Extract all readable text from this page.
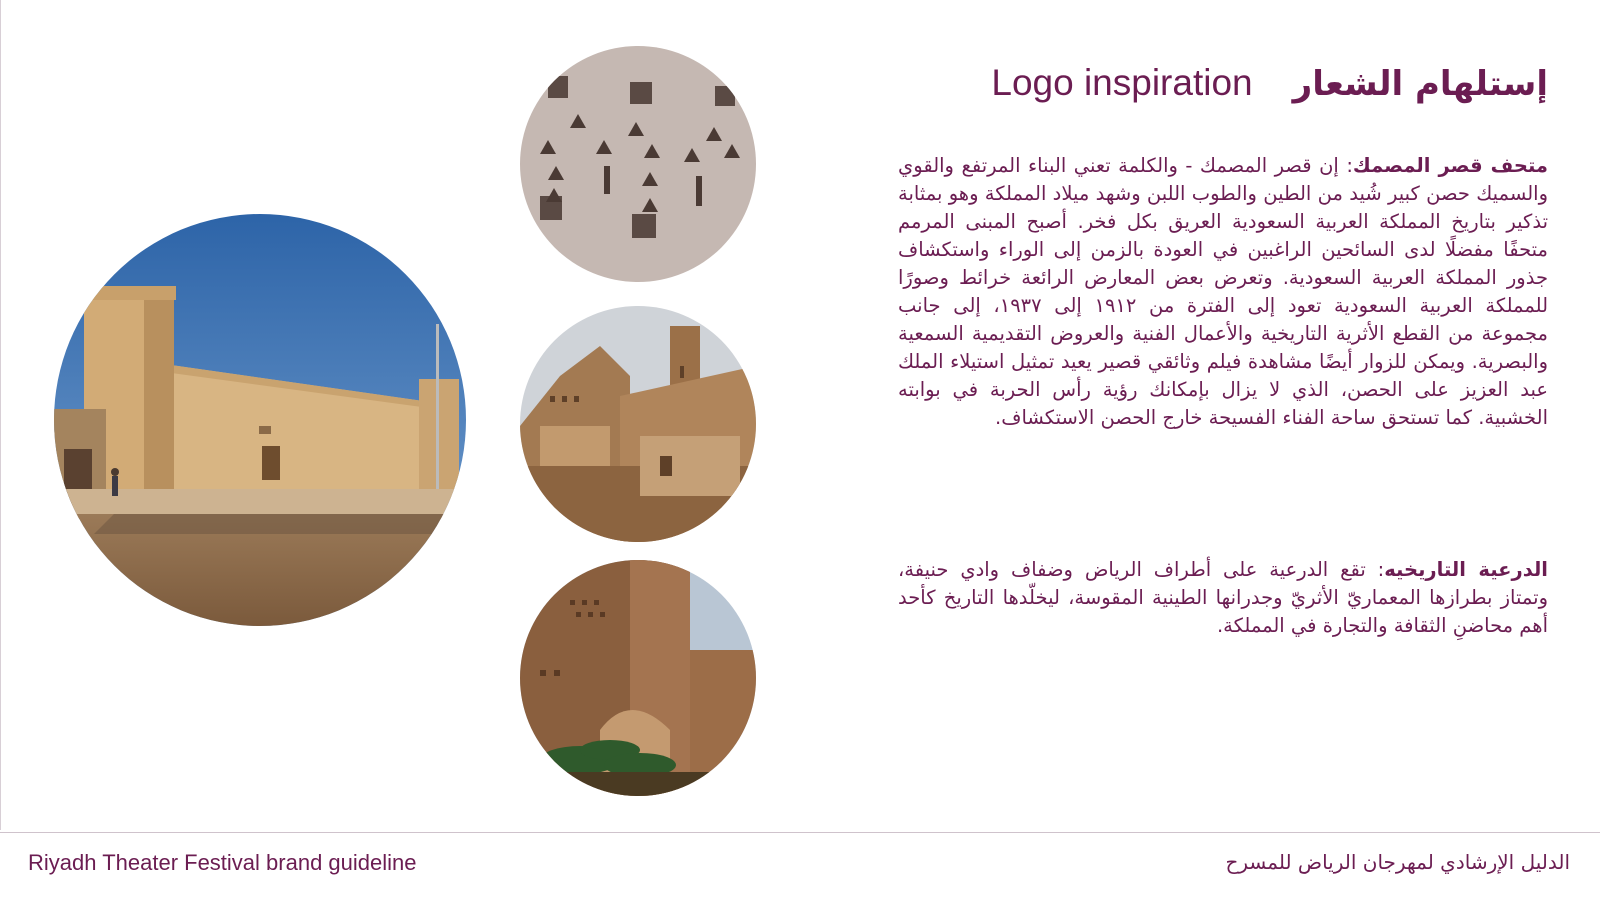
إستلهام الشعار
Logo inspiration
متحف قصر المصمك: إن قصر المصمك - والكلمة تعني البناء المرتفع والقوي والسميك حصن كبير شُيد من الطين والطوب اللبن وشهد ميلاد المملكة وهو بمثابة تذكير بتاريخ المملكة العربية السعودية العريق بكل فخر. أصبح المبنى المرمم متحفًا مفضلًا لدى السائحين الراغبين في العودة بالزمن إلى الوراء واستكشاف جذور المملكة العربية السعودية. وتعرض بعض المعارض الرائعة خرائط وصورًا للمملكة العربية السعودية تعود إلى الفترة من ١٩١٢ إلى ١٩٣٧، إلى جانب مجموعة من القطع الأثرية التاريخية والأعمال الفنية والعروض التقديمية السمعية والبصرية. ويمكن للزوار أيضًا مشاهدة فيلم وثائقي قصير يعيد تمثيل استيلاء الملك عبد العزيز على الحصن، الذي لا يزال بإمكانك رؤية رأس الحربة في بوابته الخشبية. كما تستحق ساحة الفناء الفسيحة خارج الحصن الاستكشاف.
الدرعية التاريخيه: تقع الدرعية على أطراف الرياض وضفاف وادي حنيفة، وتمتاز بطرازها المعماريّ الأثريّ وجدرانها الطينية المقوسة، ليخلّدها التاريخ كأحد أهم محاضنِ الثقافة والتجارة في المملكة.
Riyadh Theater Festival brand guideline	الدليل الإرشادي لمهرجان الرياض للمسرح
